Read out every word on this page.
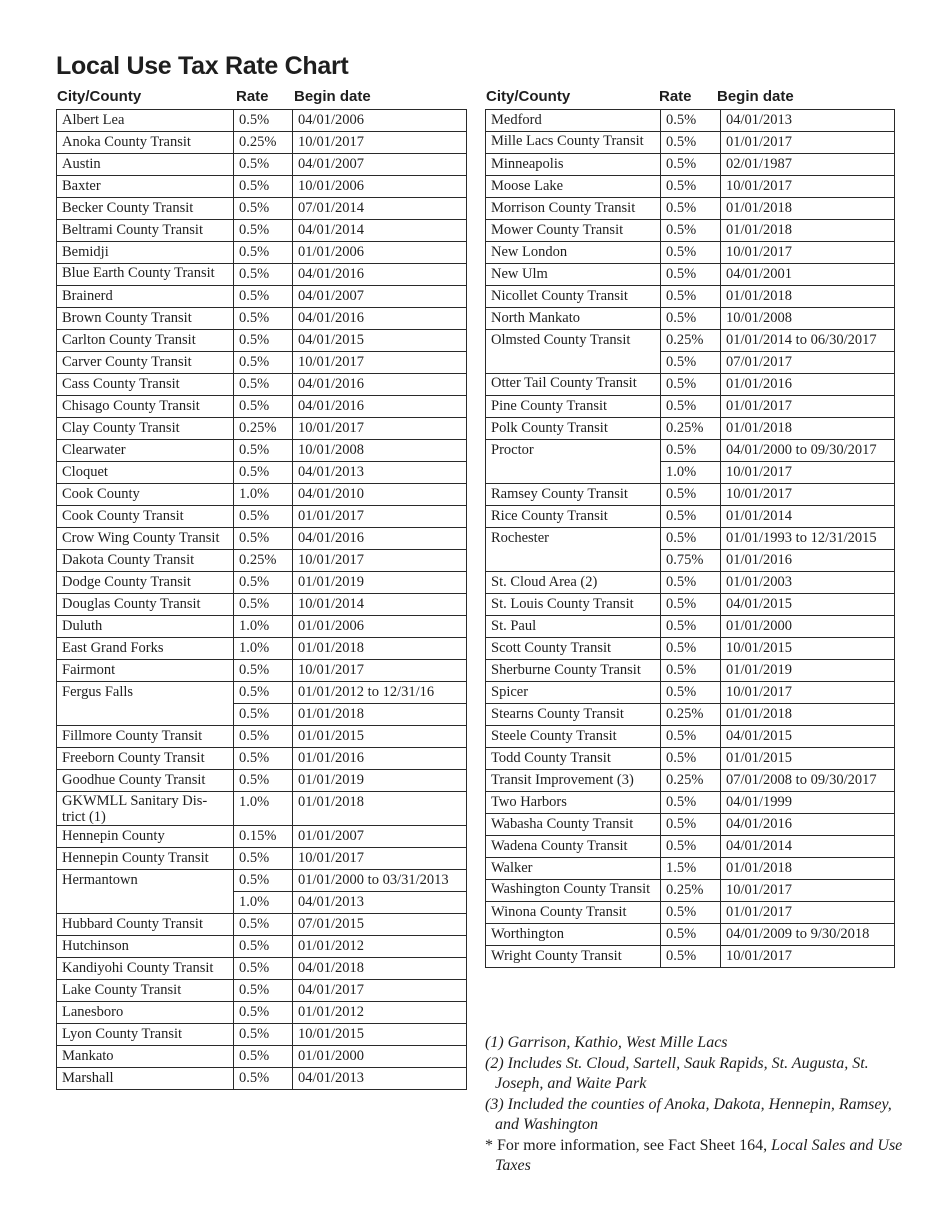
Local Use Tax Rate Chart
City/County	Rate	Begin date
Albert Lea	0.5%	04/01/2006
Anoka County Transit	0.25%	10/01/2017
Austin	0.5%	04/01/2007
Baxter	0.5%	10/01/2006
Becker County Transit	0.5%	07/01/2014
Beltrami County Transit	0.5%	04/01/2014
Bemidji	0.5%	01/01/2006
Blue Earth County Transit	0.5%	04/01/2016
Brainerd	0.5%	04/01/2007
Brown County Transit	0.5%	04/01/2016
Carlton County Transit	0.5%	04/01/2015
Carver County Transit	0.5%	10/01/2017
Cass County Transit	0.5%	04/01/2016
Chisago County Transit	0.5%	04/01/2016
Clay County Transit	0.25%	10/01/2017
Clearwater	0.5%	10/01/2008
Cloquet	0.5%	04/01/2013
Cook County	1.0%	04/01/2010
Cook County Transit	0.5%	01/01/2017
Crow Wing County Transit	0.5%	04/01/2016
Dakota County Transit	0.25%	10/01/2017
Dodge County Transit	0.5%	01/01/2019
Douglas County Transit	0.5%	10/01/2014
Duluth	1.0%	01/01/2006
East Grand Forks	1.0%	01/01/2018
Fairmont	0.5%	10/01/2017
Fergus Falls	0.5%	01/01/2012 to 12/31/16
	0.5%	01/01/2018
Fillmore County Transit	0.5%	01/01/2015
Freeborn County Transit	0.5%	01/01/2016
Goodhue County Transit	0.5%	01/01/2019
GKWMLL Sanitary Dis-trict (1)	1.0%	01/01/2018
Hennepin County	0.15%	01/01/2007
Hennepin County Transit	0.5%	10/01/2017
Hermantown	0.5%	01/01/2000 to 03/31/2013
	1.0%	04/01/2013
Hubbard County Transit	0.5%	07/01/2015
Hutchinson	0.5%	01/01/2012
Kandiyohi County Transit	0.5%	04/01/2018
Lake County Transit	0.5%	04/01/2017
Lanesboro	0.5%	01/01/2012
Lyon County Transit	0.5%	10/01/2015
Mankato	0.5%	01/01/2000
Marshall	0.5%	04/01/2013
City/County	Rate	Begin date
Medford	0.5%	04/01/2013
Mille Lacs County Transit	0.5%	01/01/2017
Minneapolis	0.5%	02/01/1987
Moose Lake	0.5%	10/01/2017
Morrison County Transit	0.5%	01/01/2018
Mower County Transit	0.5%	01/01/2018
New London	0.5%	10/01/2017
New Ulm	0.5%	04/01/2001
Nicollet County Transit	0.5%	01/01/2018
North Mankato	0.5%	10/01/2008
Olmsted County Transit	0.25%	01/01/2014 to 06/30/2017
	0.5%	07/01/2017
Otter Tail County Transit	0.5%	01/01/2016
Pine County Transit	0.5%	01/01/2017
Polk County Transit	0.25%	01/01/2018
Proctor	0.5%	04/01/2000 to 09/30/2017
	1.0%	10/01/2017
Ramsey County Transit	0.5%	10/01/2017
Rice County Transit	0.5%	01/01/2014
Rochester	0.5%	01/01/1993 to 12/31/2015
	0.75%	01/01/2016
St. Cloud Area (2)	0.5%	01/01/2003
St. Louis County Transit	0.5%	04/01/2015
St. Paul	0.5%	01/01/2000
Scott County Transit	0.5%	10/01/2015
Sherburne County Transit	0.5%	01/01/2019
Spicer	0.5%	10/01/2017
Stearns County Transit	0.25%	01/01/2018
Steele County Transit	0.5%	04/01/2015
Todd County Transit	0.5%	01/01/2015
Transit Improvement (3)	0.25%	07/01/2008 to 09/30/2017
Two Harbors	0.5%	04/01/1999
Wabasha County Transit	0.5%	04/01/2016
Wadena County Transit	0.5%	04/01/2014
Walker	1.5%	01/01/2018
Washington County Transit	0.25%	10/01/2017
Winona County Transit	0.5%	01/01/2017
Worthington	0.5%	04/01/2009 to 9/30/2018
Wright County Transit	0.5%	10/01/2017
(1) Garrison, Kathio, West Mille Lacs
(2) Includes St. Cloud, Sartell, Sauk Rapids, St. Augusta, St. Joseph, and Waite Park
(3) Included the counties of Anoka, Dakota, Hennepin, Ramsey, and Washington
* For more information, see Fact Sheet 164, Local Sales and Use Taxes
